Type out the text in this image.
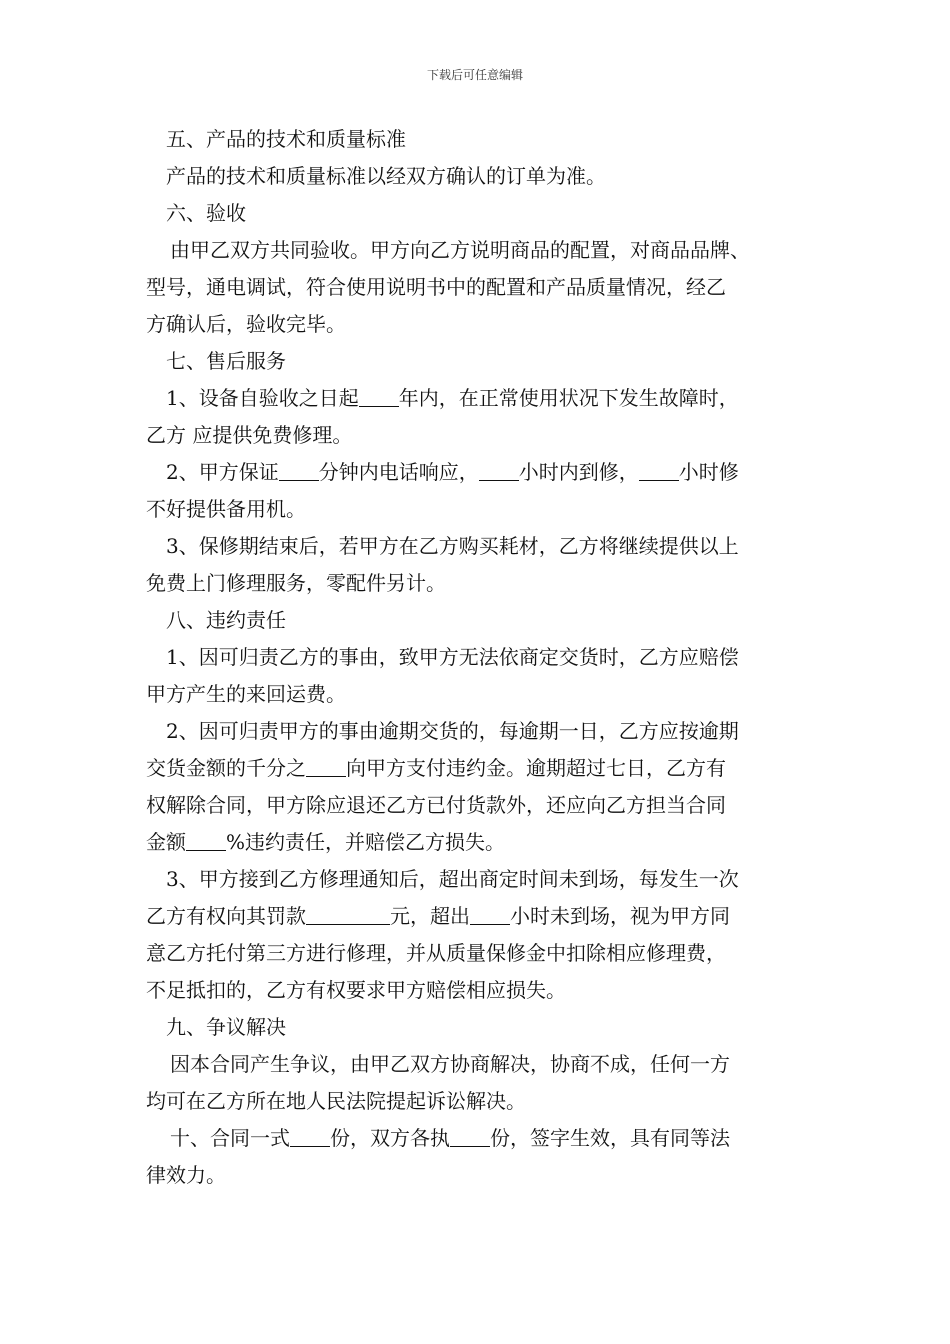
下载后可任意编辑

五、产品的技术和质量标准

产品的技术和质量标准以经双方确认的订单为准。

六、验收

由甲乙双方共同验收。甲方向乙方说明商品的配置，对商品品牌、

型号，通电调试，符合使用说明书中的配置和产品质量情况，经乙

方确认后，验收完毕。

七、售后服务

1、设备自验收之日起 年内，在正常使用状况下发生故障时，

乙方 应提供免费修理。

2、甲方保证 分钟内电话响应， 小时内到修， 小时修

不好提供备用机。

3、保修期结束后，若甲方在乙方购买耗材，乙方将继续提供以上

免费上门修理服务，零配件另计。

八、违约责任

1、因可归责乙方的事由，致甲方无法依商定交货时，乙方应赔偿

甲方产生的来回运费。

2、因可归责甲方的事由逾期交货的，每逾期一日，乙方应按逾期

交货金额的千分之 向甲方支付违约金。逾期超过七日，乙方有

权解除合同，甲方除应退还乙方已付货款外，还应向乙方担当合同

金额 %违约责任，并赔偿乙方损失。

3、甲方接到乙方修理通知后，超出商定时间未到场，每发生一次

乙方有权向其罚款	元，超出 小时未到场，视为甲方同

意乙方托付第三方进行修理，并从质量保修金中扣除相应修理费，

不足抵扣的，乙方有权要求甲方赔偿相应损失。

九、争议解决

因本合同产生争议，由甲乙双方协商解决，协商不成，任何一方

均可在乙方所在地人民法院提起诉讼解决。

十、合同一式 份，双方各执 份，签字生效，具有同等法

律效力。
